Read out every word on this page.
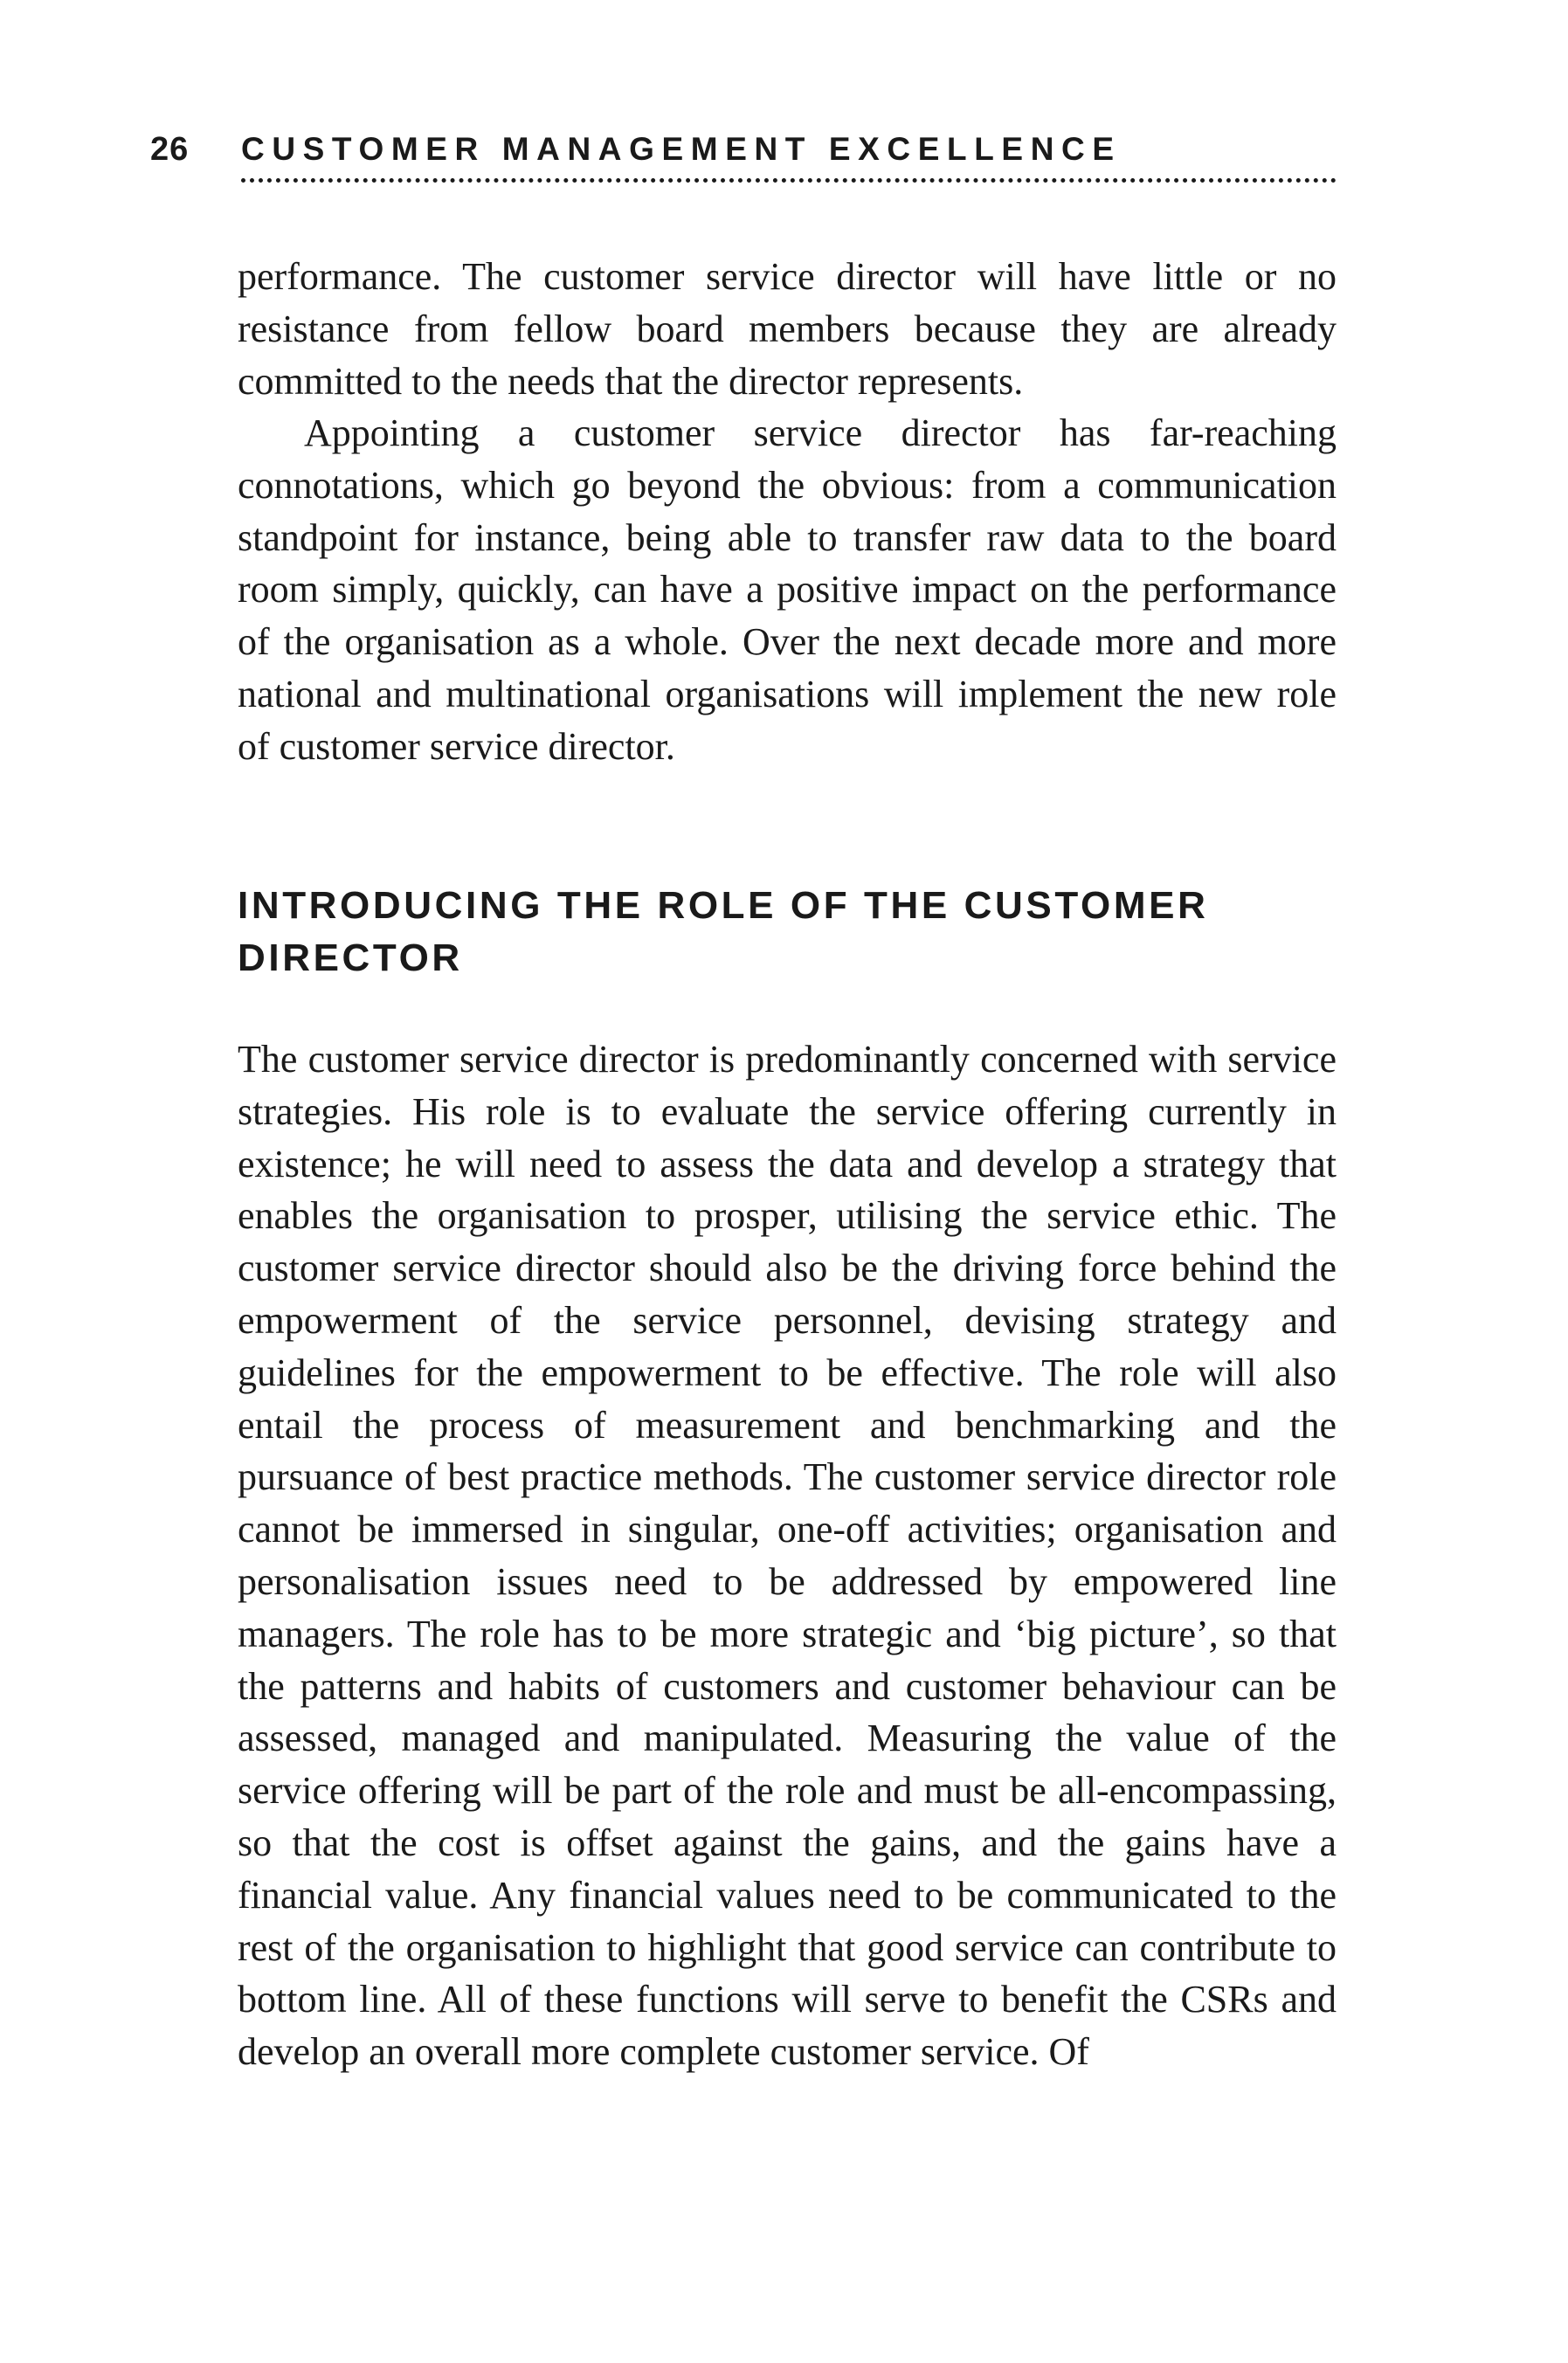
26 CUSTOMER MANAGEMENT EXCELLENCE

performance. The customer service director will have little or no resistance from fellow board members because they are already committed to the needs that the director represents.

Appointing a customer service director has far-reaching connotations, which go beyond the obvious: from a communication standpoint for instance, being able to transfer raw data to the board room simply, quickly, can have a positive impact on the performance of the organisation as a whole. Over the next decade more and more national and multinational organisations will implement the new role of customer service director.

INTRODUCING THE ROLE OF THE CUSTOMER DIRECTOR

The customer service director is predominantly concerned with service strategies. His role is to evaluate the service offering currently in existence; he will need to assess the data and develop a strategy that enables the organisation to prosper, utilising the service ethic. The customer service director should also be the driving force behind the empowerment of the service personnel, devising strategy and guidelines for the empowerment to be effective. The role will also entail the process of measurement and benchmarking and the pursuance of best practice methods. The customer service director role cannot be immersed in singular, one-off activities; organisation and personalisation issues need to be addressed by empowered line managers. The role has to be more strategic and ‘big picture’, so that the patterns and habits of customers and customer behaviour can be assessed, managed and manipulated. Measuring the value of the service offering will be part of the role and must be all-encompassing, so that the cost is offset against the gains, and the gains have a financial value. Any financial values need to be communicated to the rest of the organisation to highlight that good service can contribute to bottom line. All of these functions will serve to benefit the CSRs and develop an overall more complete customer service. Of
